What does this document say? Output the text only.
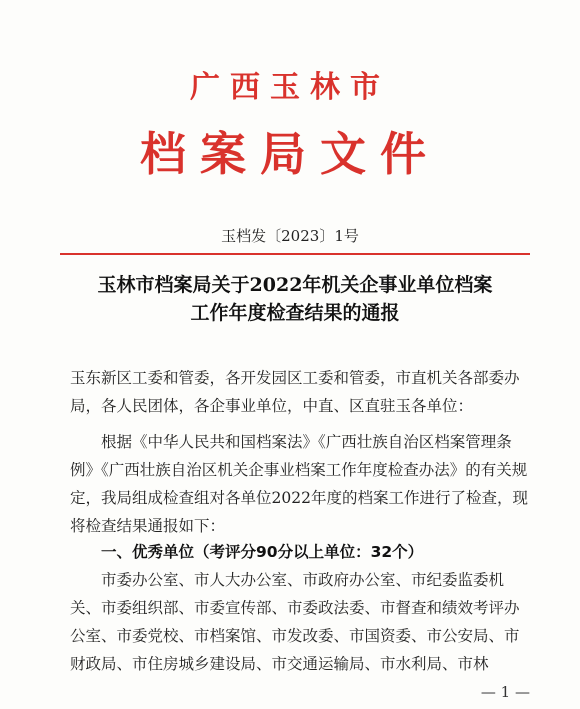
广西玉林市
档案局文件
玉档发〔2023〕1号
玉林市档案局关于2022年机关企事业单位档案
工作年度检查结果的通报

玉东新区工委和管委，各开发园区工委和管委，市直机关各部委办局，各人民团体，各企事业单位，中直、区直驻玉各单位：

根据《中华人民共和国档案法》《广西壮族自治区档案管理条例》《广西壮族自治区机关企事业档案工作年度检查办法》的有关规定，我局组成检查组对各单位2022年度的档案工作进行了检查，现将检查结果通报如下：

一、优秀单位（考评分90分以上单位：32个）

市委办公室、市人大办公室、市政府办公室、市纪委监委机关、市委组织部、市委宣传部、市委政法委、市督查和绩效考评办公室、市委党校、市档案馆、市发改委、市国资委、市公安局、市财政局、市住房城乡建设局、市交通运输局、市水利局、市林

— 1 —
